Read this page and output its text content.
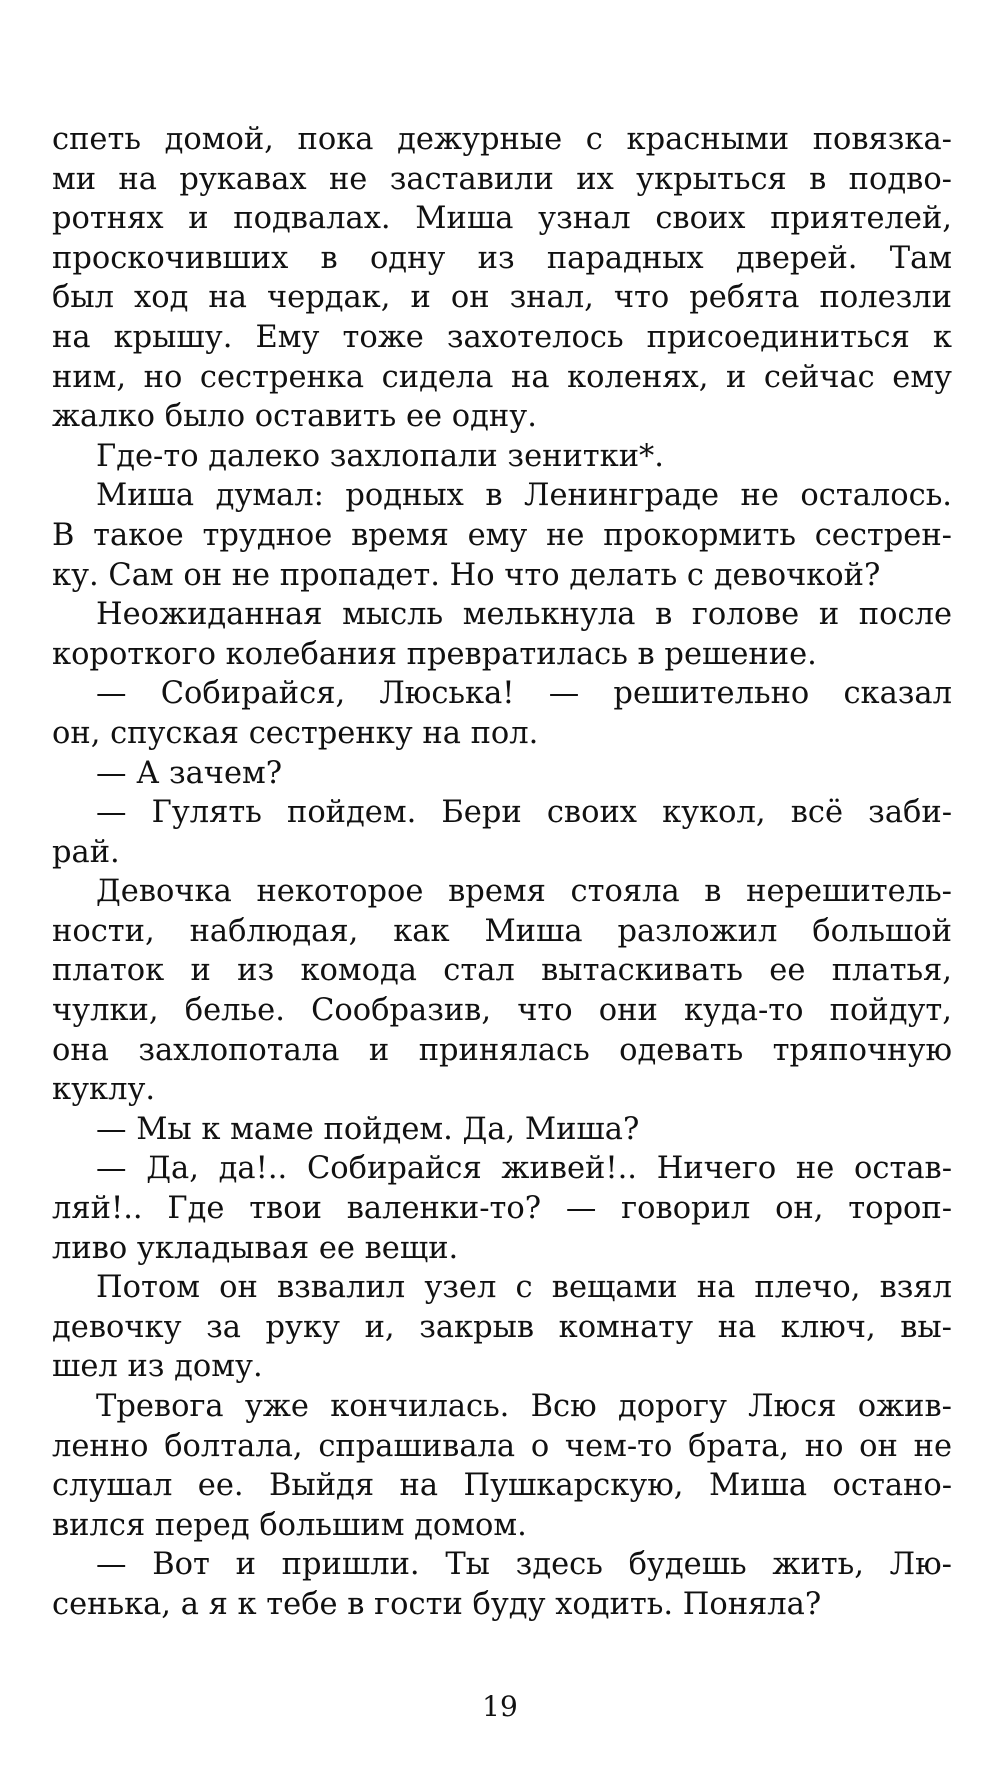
спеть домой, пока дежурные с красными повязка-
ми на рукавах не заставили их укрыться в подво-
ротнях и подвалах. Миша узнал своих приятелей,
проскочивших в одну из парадных дверей. Там
был ход на чердак, и он знал, что ребята полезли
на крышу. Ему тоже захотелось присоединиться к
ним, но сестренка сидела на коленях, и сейчас ему
жалко было оставить ее одну.
Где-то далеко захлопали зенитки*.
Миша думал: родных в Ленинграде не осталось.
В такое трудное время ему не прокормить сестрен-
ку. Сам он не пропадет. Но что делать с девочкой?
Неожиданная мысль мелькнула в голове и после
короткого колебания превратилась в решение.
— Собирайся, Люська! — решительно сказал
он, спуская сестренку на пол.
— А зачем?
— Гулять пойдем. Бери своих кукол, всё заби-
рай.
Девочка некоторое время стояла в нерешитель-
ности, наблюдая, как Миша разложил большой
платок и из комода стал вытаскивать ее платья,
чулки, белье. Сообразив, что они куда-то пойдут,
она захлопотала и принялась одевать тряпочную
куклу.
— Мы к маме пойдем. Да, Миша?
— Да, да!.. Собирайся живей!.. Ничего не остав-
ляй!.. Где твои валенки-то? — говорил он, тороп-
ливо укладывая ее вещи.
Потом он взвалил узел с вещами на плечо, взял
девочку за руку и, закрыв комнату на ключ, вы-
шел из дому.
Тревога уже кончилась. Всю дорогу Люся ожив-
ленно болтала, спрашивала о чем-то брата, но он не
слушал ее. Выйдя на Пушкарскую, Миша остано-
вился перед большим домом.
— Вот и пришли. Ты здесь будешь жить, Лю-
сенька, а я к тебе в гости буду ходить. Поняла?
19
